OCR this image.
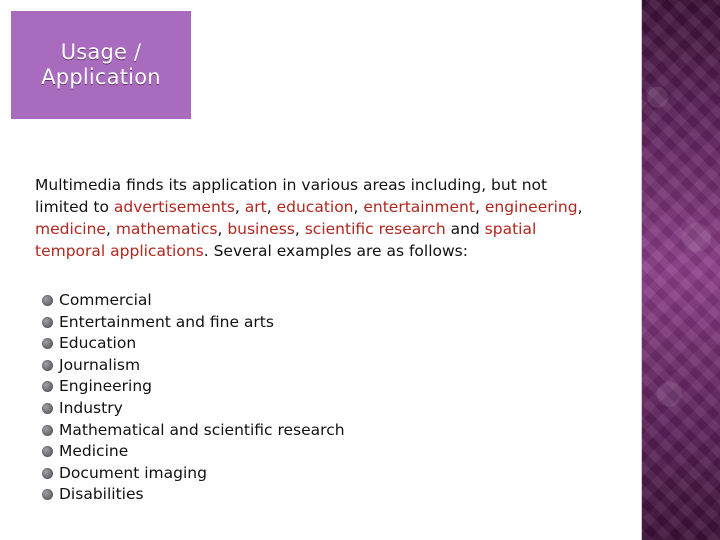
Usage /
Application
Multimedia finds its application in various areas including, but not limited to advertisements, art, education, entertainment, engineering, medicine, mathematics, business, scientific research and spatial temporal applications. Several examples are as follows:
Commercial
Entertainment and fine arts
Education
Journalism
Engineering
Industry
Mathematical and scientific research
Medicine
Document imaging
Disabilities
